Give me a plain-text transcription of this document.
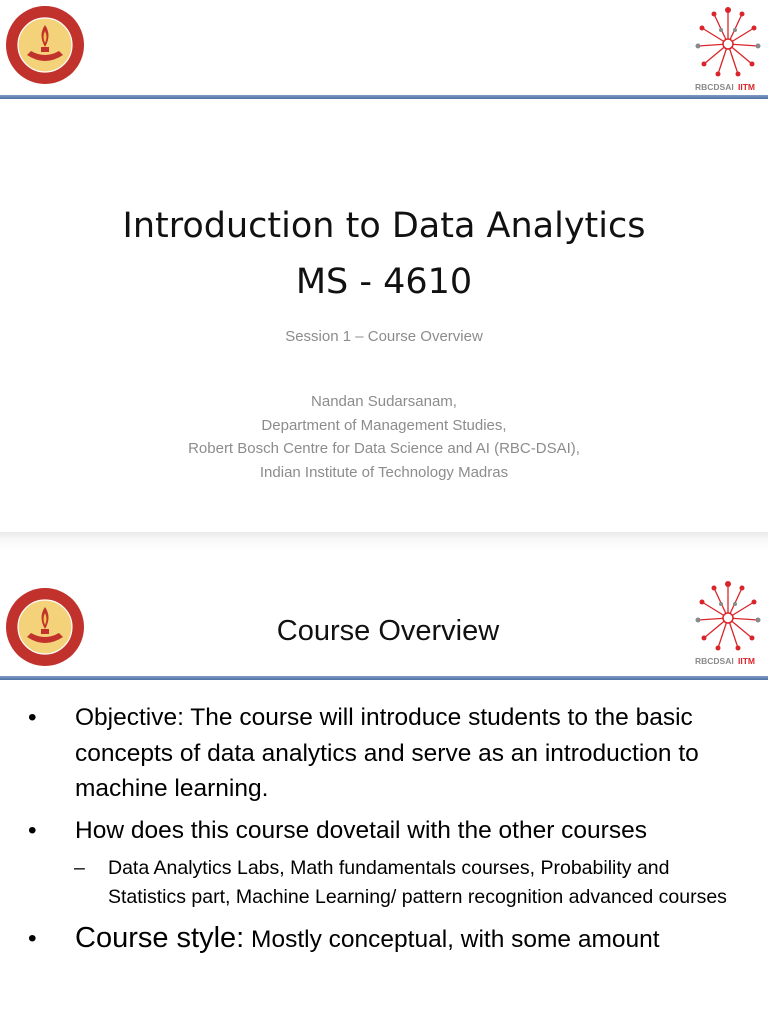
RBCDSAI IITM
Introduction to Data Analytics
MS - 4610
Session 1 – Course Overview
Nandan Sudarsanam,
Department of Management Studies,
Robert Bosch Centre for Data Science and AI (RBC-DSAI),
Indian Institute of Technology Madras
RBCDSAI IITM
Course Overview
• Objective: The course will introduce students to the basic concepts of data analytics and serve as an introduction to machine learning.
• How does this course dovetail with the other courses
– Data Analytics Labs, Math fundamentals courses, Probability and Statistics part, Machine Learning/ pattern recognition advanced courses
• Course style: Mostly conceptual, with some amount
